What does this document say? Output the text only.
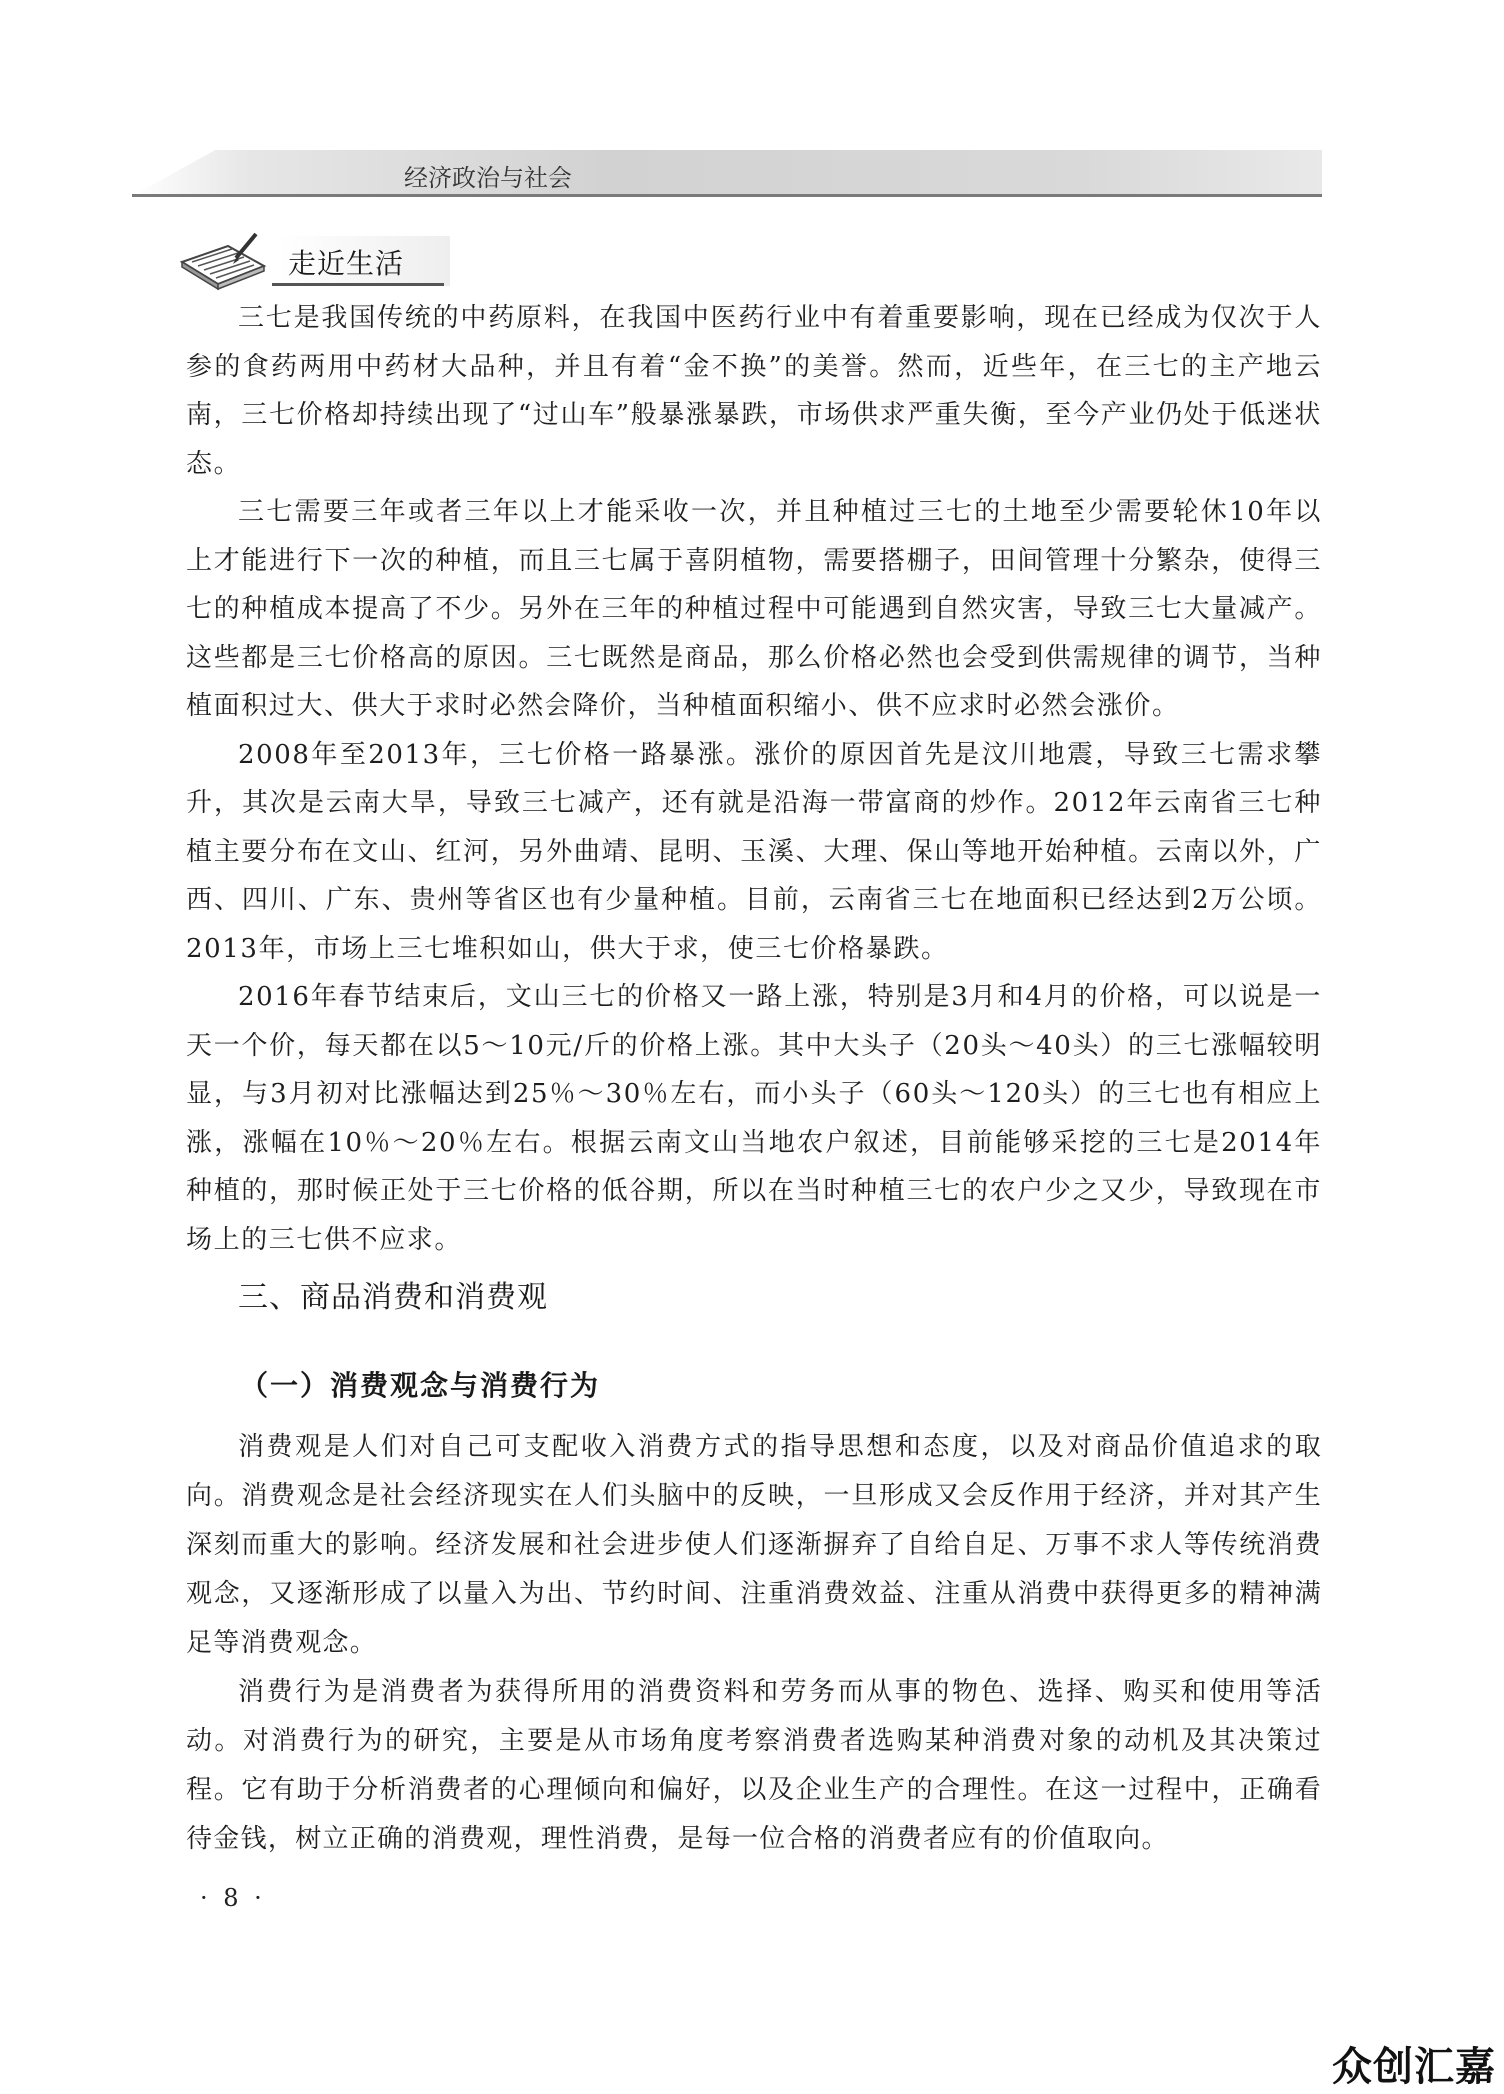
经济政治与社会
走近生活

三七是我国传统的中药原料，在我国中医药行业中有着重要影响，现在已经成为仅次于人参的食药两用中药材大品种，并且有着“金不换”的美誉。然而，近些年，在三七的主产地云南，三七价格却持续出现了“过山车”般暴涨暴跌，市场供求严重失衡，至今产业仍处于低迷状态。

三七需要三年或者三年以上才能采收一次，并且种植过三七的土地至少需要轮休10年以上才能进行下一次的种植，而且三七属于喜阴植物，需要搭棚子，田间管理十分繁杂，使得三七的种植成本提高了不少。另外在三年的种植过程中可能遇到自然灾害，导致三七大量减产。这些都是三七价格高的原因。三七既然是商品，那么价格必然也会受到供需规律的调节，当种植面积过大、供大于求时必然会降价，当种植面积缩小、供不应求时必然会涨价。

2008年至2013年，三七价格一路暴涨。涨价的原因首先是汶川地震，导致三七需求攀升，其次是云南大旱，导致三七减产，还有就是沿海一带富商的炒作。2012年云南省三七种植主要分布在文山、红河，另外曲靖、昆明、玉溪、大理、保山等地开始种植。云南以外，广西、四川、广东、贵州等省区也有少量种植。目前，云南省三七在地面积已经达到2万公顷。2013年，市场上三七堆积如山，供大于求，使三七价格暴跌。

2016年春节结束后，文山三七的价格又一路上涨，特别是3月和4月的价格，可以说是一天一个价，每天都在以5～10元/斤的价格上涨。其中大头子（20头～40头）的三七涨幅较明显，与3月初对比涨幅达到25％～30％左右，而小头子（60头～120头）的三七也有相应上涨，涨幅在10％～20％左右。根据云南文山当地农户叙述，目前能够采挖的三七是2014年种植的，那时候正处于三七价格的低谷期，所以在当时种植三七的农户少之又少，导致现在市场上的三七供不应求。

三、商品消费和消费观
（一）消费观念与消费行为

消费观是人们对自己可支配收入消费方式的指导思想和态度，以及对商品价值追求的取向。消费观念是社会经济现实在人们头脑中的反映，一旦形成又会反作用于经济，并对其产生深刻而重大的影响。经济发展和社会进步使人们逐渐摒弃了自给自足、万事不求人等传统消费观念，又逐渐形成了以量入为出、节约时间、注重消费效益、注重从消费中获得更多的精神满足等消费观念。

消费行为是消费者为获得所用的消费资料和劳务而从事的物色、选择、购买和使用等活动。对消费行为的研究，主要是从市场角度考察消费者选购某种消费对象的动机及其决策过程。它有助于分析消费者的心理倾向和偏好，以及企业生产的合理性。在这一过程中，正确看待金钱，树立正确的消费观，理性消费，是每一位合格的消费者应有的价值取向。

· 8 ·
众创汇嘉
